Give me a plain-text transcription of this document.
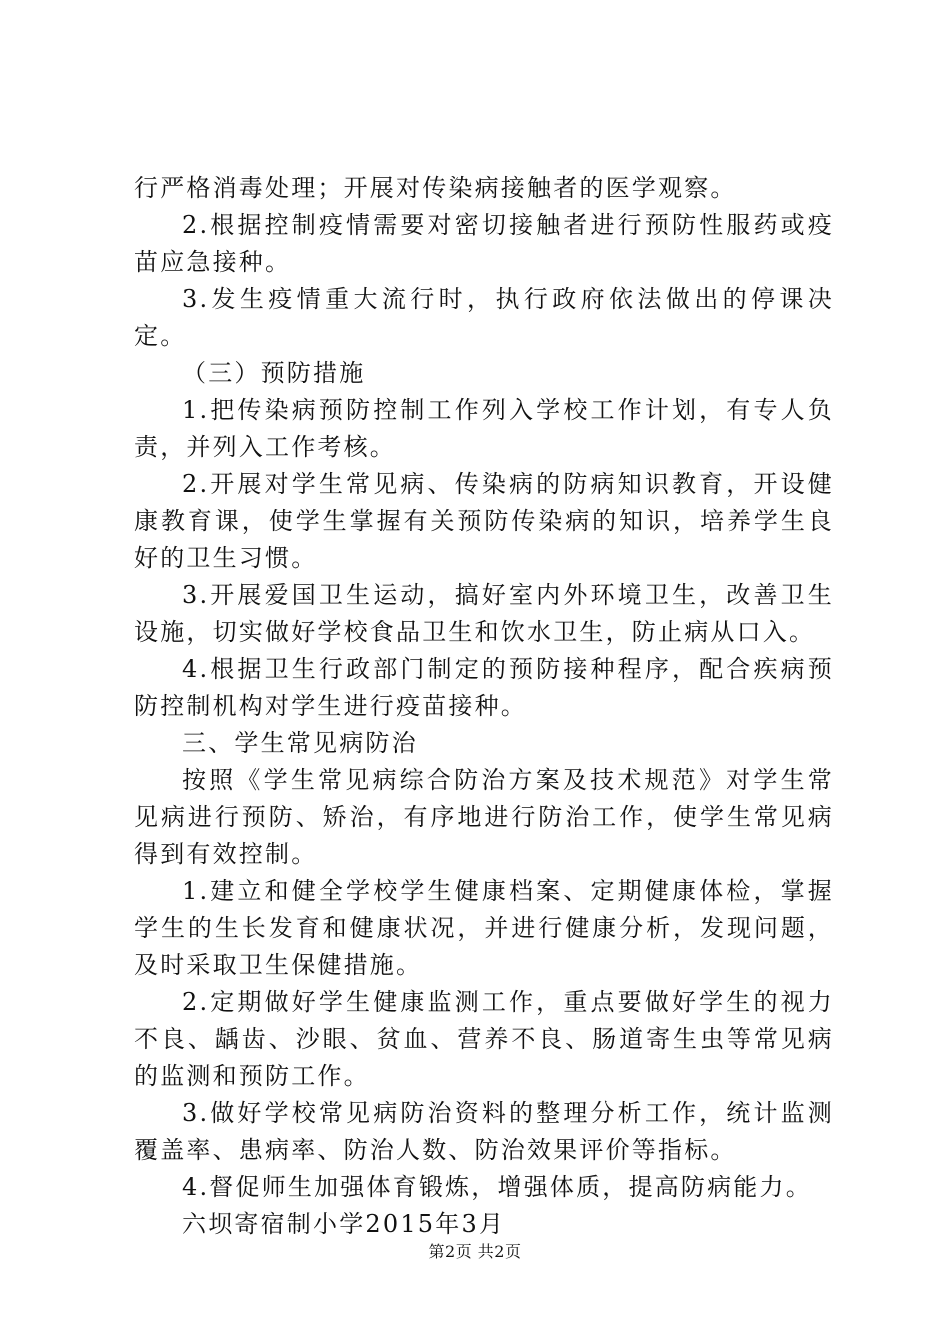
行严格消毒处理；开展对传染病接触者的医学观察。

2.根据控制疫情需要对密切接触者进行预防性服药或疫苗应急接种。

3.发生疫情重大流行时，执行政府依法做出的停课决定。

（三）预防措施

1.把传染病预防控制工作列入学校工作计划，有专人负责，并列入工作考核。

2.开展对学生常见病、传染病的防病知识教育，开设健康教育课，使学生掌握有关预防传染病的知识，培养学生良好的卫生习惯。

3.开展爱国卫生运动，搞好室内外环境卫生，改善卫生设施，切实做好学校食品卫生和饮水卫生，防止病从口入。

4.根据卫生行政部门制定的预防接种程序，配合疾病预防控制机构对学生进行疫苗接种。

三、学生常见病防治

按照《学生常见病综合防治方案及技术规范》对学生常见病进行预防、矫治，有序地进行防治工作，使学生常见病得到有效控制。

1.建立和健全学校学生健康档案、定期健康体检，掌握学生的生长发育和健康状况，并进行健康分析，发现问题，及时采取卫生保健措施。

2.定期做好学生健康监测工作，重点要做好学生的视力不良、龋齿、沙眼、贫血、营养不良、肠道寄生虫等常见病的监测和预防工作。

3.做好学校常见病防治资料的整理分析工作，统计监测覆盖率、患病率、防治人数、防治效果评价等指标。

4.督促师生加强体育锻炼，增强体质，提高防病能力。

六坝寄宿制小学2015年3月

第2页 共2页
